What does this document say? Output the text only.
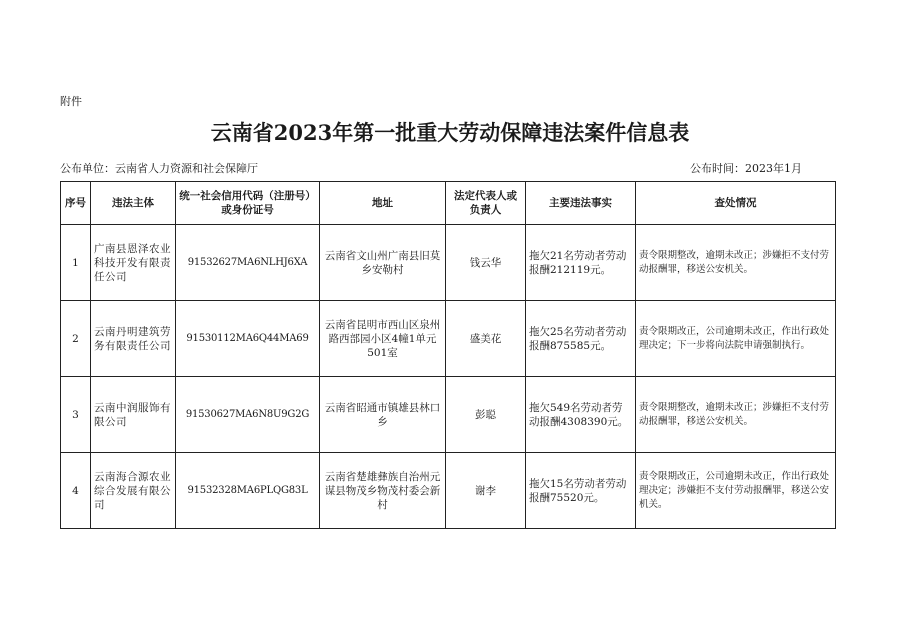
附件
云南省2023年第一批重大劳动保障违法案件信息表
公布单位：云南省人力资源和社会保障厅	公布时间：2023年1月
序号	违法主体	统一社会信用代码（注册号）或身份证号	地址	法定代表人或负责人	主要违法事实	查处情况
1	广南县恩泽农业科技开发有限责任公司	91532627MA6NLHJ6XA	云南省文山州广南县旧莫乡安勒村	钱云华	拖欠21名劳动者劳动报酬212119元。	责令限期整改，逾期未改正；涉嫌拒不支付劳动报酬罪，移送公安机关。
2	云南丹明建筑劳务有限责任公司	91530112MA6Q44MA69	云南省昆明市西山区泉州路西部园小区4幢1单元501室	盛美花	拖欠25名劳动者劳动报酬875585元。	责令限期改正，公司逾期未改正，作出行政处理决定；下一步将向法院申请强制执行。
3	云南中润服饰有限公司	91530627MA6N8U9G2G	云南省昭通市镇雄县林口乡	彭聪	拖欠549名劳动者劳动报酬4308390元。	责令限期整改，逾期未改正；涉嫌拒不支付劳动报酬罪，移送公安机关。
4	云南海合源农业综合发展有限公司	91532328MA6PLQG83L	云南省楚雄彝族自治州元谋县物茂乡物茂村委会新村	谢李	拖欠15名劳动者劳动报酬75520元。	责令限期改正，公司逾期未改正，作出行政处理决定；涉嫌拒不支付劳动报酬罪，移送公安机关。
